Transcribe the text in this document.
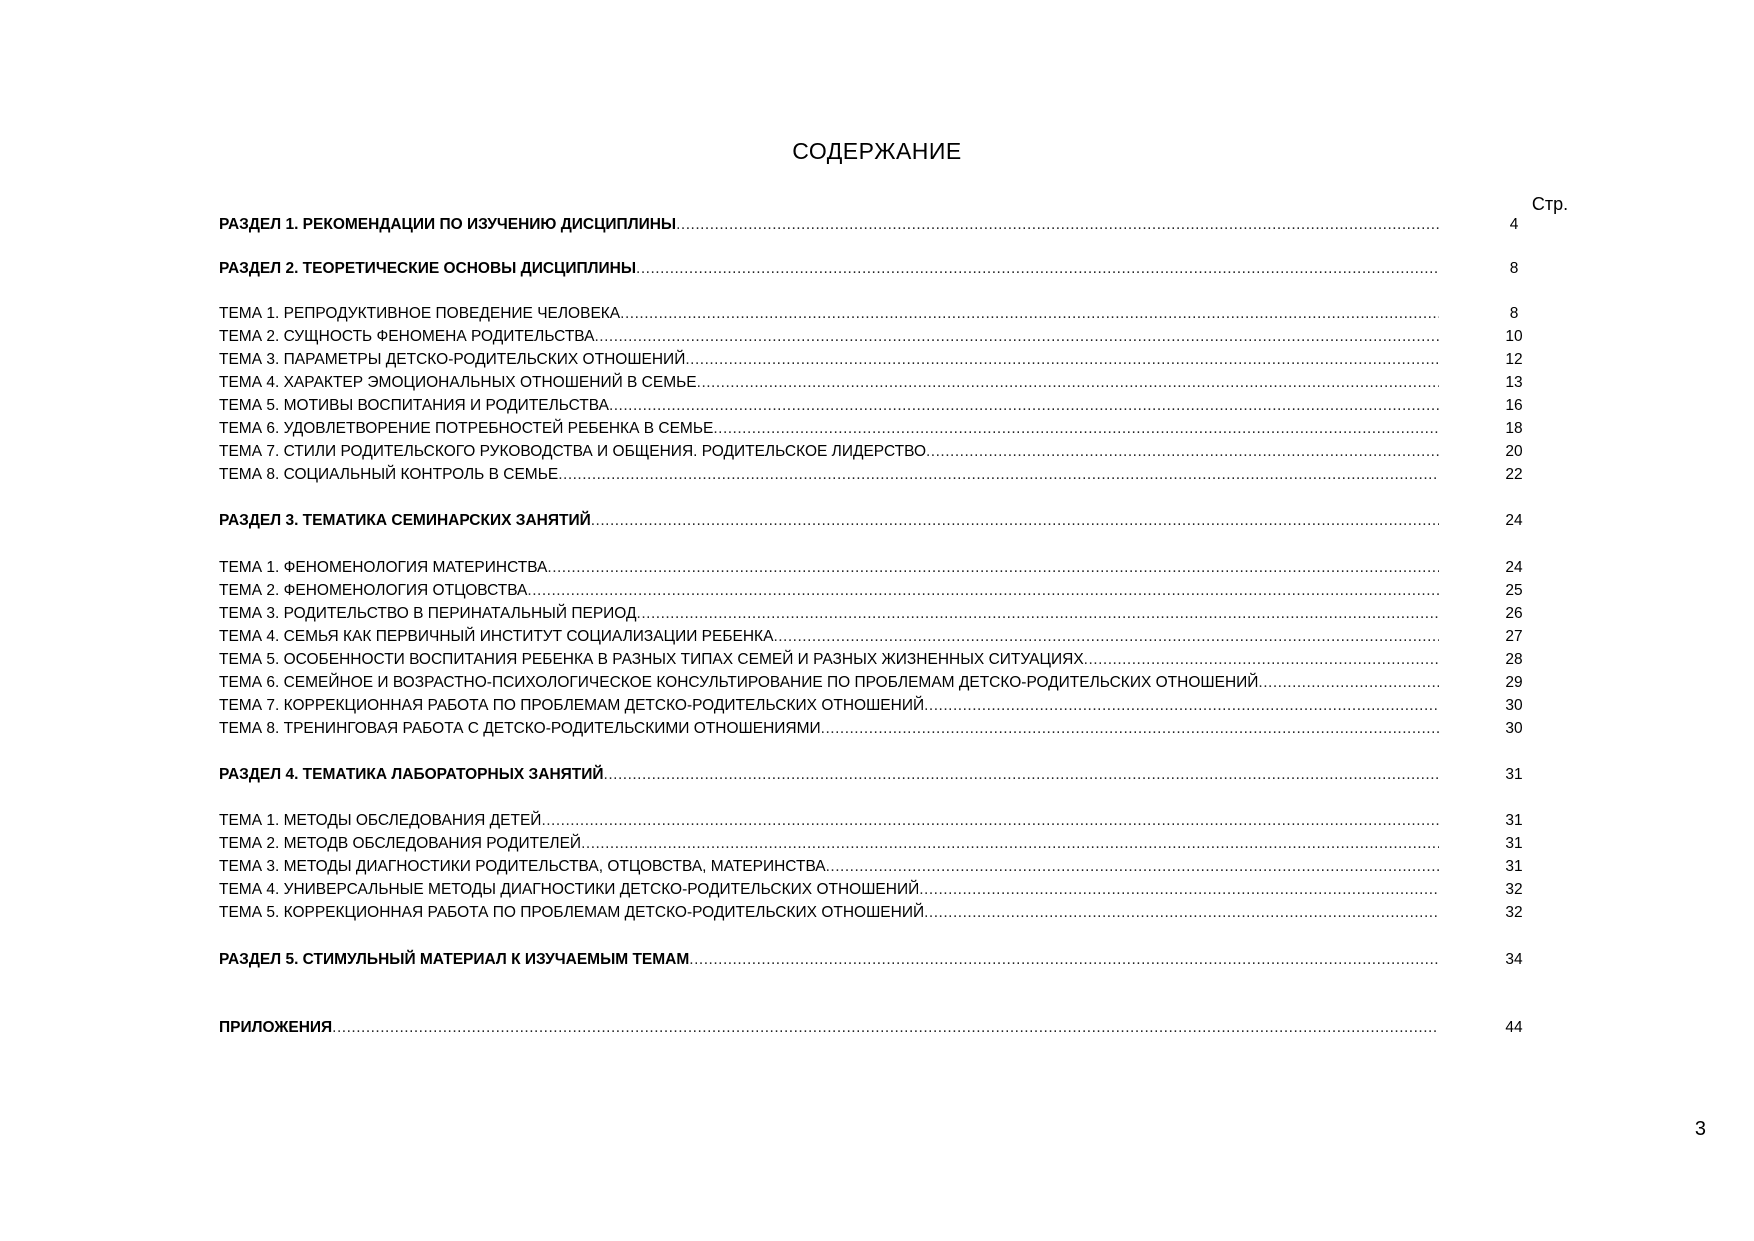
СОДЕРЖАНИЕ
Стр.
РАЗДЕЛ 1. РЕКОМЕНДАЦИИ ПО ИЗУЧЕНИЮ ДИСЦИПЛИНЫ .....	4
РАЗДЕЛ 2. ТЕОРЕТИЧЕСКИЕ ОСНОВЫ ДИСЦИПЛИНЫ .....	8
ТЕМА 1. РЕПРОДУКТИВНОЕ ПОВЕДЕНИЕ ЧЕЛОВЕКА .....	8
ТЕМА 2. СУЩНОСТЬ ФЕНОМЕНА РОДИТЕЛЬСТВА .....	10
ТЕМА 3. ПАРАМЕТРЫ ДЕТСКО-РОДИТЕЛЬСКИХ ОТНОШЕНИЙ .....	12
ТЕМА 4. ХАРАКТЕР ЭМОЦИОНАЛЬНЫХ ОТНОШЕНИЙ В СЕМЬЕ .....	13
ТЕМА 5. МОТИВЫ ВОСПИТАНИЯ И РОДИТЕЛЬСТВА .....	16
ТЕМА 6. УДОВЛЕТВОРЕНИЕ ПОТРЕБНОСТЕЙ РЕБЕНКА В СЕМЬЕ .....	18
ТЕМА 7. СТИЛИ РОДИТЕЛЬСКОГО РУКОВОДСТВА И ОБЩЕНИЯ. РОДИТЕЛЬСКОЕ ЛИДЕРСТВО .....	20
ТЕМА 8. СОЦИАЛЬНЫЙ КОНТРОЛЬ В СЕМЬЕ .....	22
РАЗДЕЛ 3. ТЕМАТИКА СЕМИНАРСКИХ ЗАНЯТИЙ .....	24
ТЕМА 1. ФЕНОМЕНОЛОГИЯ МАТЕРИНСТВА .....	24
ТЕМА 2. ФЕНОМЕНОЛОГИЯ ОТЦОВСТВА .....	25
ТЕМА 3. РОДИТЕЛЬСТВО В ПЕРИНАТАЛЬНЫЙ ПЕРИОД .....	26
ТЕМА 4. СЕМЬЯ КАК ПЕРВИЧНЫЙ ИНСТИТУТ СОЦИАЛИЗАЦИИ РЕБЕНКА .....	27
ТЕМА 5. ОСОБЕННОСТИ ВОСПИТАНИЯ РЕБЕНКА В РАЗНЫХ ТИПАХ СЕМЕЙ И РАЗНЫХ ЖИЗНЕННЫХ СИТУАЦИЯХ .....	28
ТЕМА 6. СЕМЕЙНОЕ И ВОЗРАСТНО-ПСИХОЛОГИЧЕСКОЕ КОНСУЛЬТИРОВАНИЕ ПО ПРОБЛЕМАМ ДЕТСКО-РОДИТЕЛЬСКИХ ОТНОШЕНИЙ .....	29
ТЕМА 7. КОРРЕКЦИОННАЯ РАБОТА ПО ПРОБЛЕМАМ ДЕТСКО-РОДИТЕЛЬСКИХ ОТНОШЕНИЙ .....	30
ТЕМА 8. ТРЕНИНГОВАЯ РАБОТА С ДЕТСКО-РОДИТЕЛЬСКИМИ ОТНОШЕНИЯМИ .....	30
РАЗДЕЛ 4. ТЕМАТИКА ЛАБОРАТОРНЫХ ЗАНЯТИЙ .....	31
ТЕМА 1. МЕТОДЫ ОБСЛЕДОВАНИЯ ДЕТЕЙ .....	31
ТЕМА 2. МЕТОДВ ОБСЛЕДОВАНИЯ РОДИТЕЛЕЙ .....	31
ТЕМА 3. МЕТОДЫ ДИАГНОСТИКИ РОДИТЕЛЬСТВА, ОТЦОВСТВА, МАТЕРИНСТВА .....	31
ТЕМА 4. УНИВЕРСАЛЬНЫЕ МЕТОДЫ ДИАГНОСТИКИ ДЕТСКО-РОДИТЕЛЬСКИХ ОТНОШЕНИЙ .....	32
ТЕМА 5. КОРРЕКЦИОННАЯ РАБОТА ПО ПРОБЛЕМАМ ДЕТСКО-РОДИТЕЛЬСКИХ ОТНОШЕНИЙ .....	32
РАЗДЕЛ 5. СТИМУЛЬНЫЙ МАТЕРИАЛ К ИЗУЧАЕМЫМ ТЕМАМ .....	34
ПРИЛОЖЕНИЯ .....	44
3
